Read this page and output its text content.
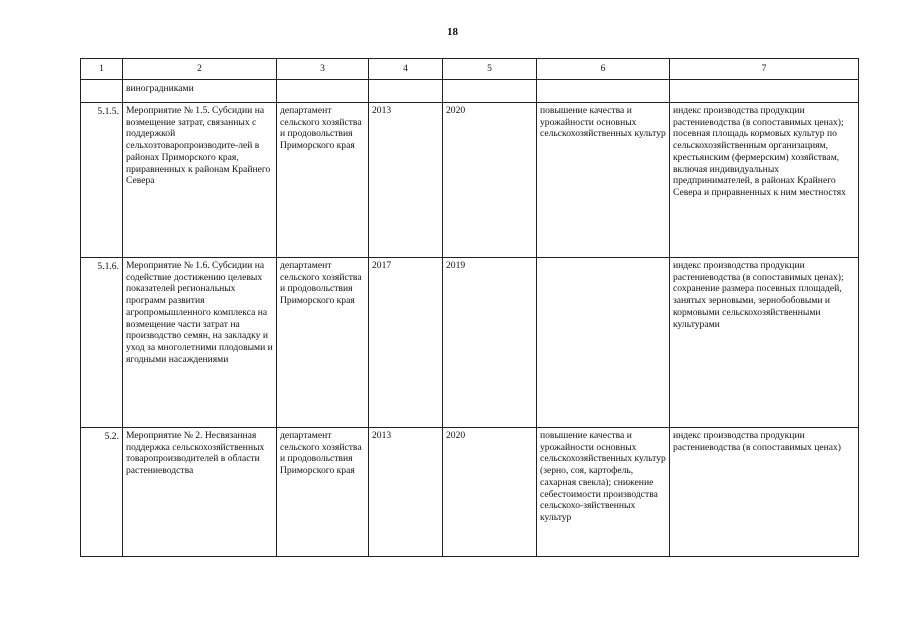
18
1	2	3	4	5	6	7
	виноградниками					
5.1.5.	Мероприятие № 1.5. Субсидии на возмещение затрат, связанных с поддержкой сельхозтоваропроизводите-лей в районах Приморского края, приравненных к районам Крайнего Севера	департамент сельского хозяйства и продовольствия Приморского края	2013	2020	повышение качества и урожайности основных сельскохозяйственных культур	индекс производства продукции растениеводства (в сопоставимых ценах); посевная площадь кормовых культур по сельскохозяйственным организациям, крестьянским (фермерским) хозяйствам, включая индивидуальных предпринимателей, в районах Крайнего Севера и приравненных к ним местностях
5.1.6.	Мероприятие № 1.6. Субсидии на содействие достижению целевых показателей региональных программ развития агропромышленного комплекса на возмещение части затрат на производство семян, на закладку и уход за многолетними плодовыми и ягодными насаждениями	департамент сельского хозяйства и продовольствия Приморского края	2017	2019		индекс производства продукции растениеводства (в сопоставимых ценах); сохранение размера посевных площадей, занятых зерновыми, зернобобовыми и кормовыми сельскохозяйственными культурами
5.2.	Мероприятие № 2. Несвязанная поддержка сельскохозяйственных товаропроизводителей в области растениеводства	департамент сельского хозяйства и продовольствия Приморского края	2013	2020	повышение качества и урожайности основных сельскохозяйственных культур (зерно, соя, картофель, сахарная свекла); снижение себестоимости производства сельскохо-зяйственных культур	индекс производства продукции растениеводства (в сопоставимых ценах)
